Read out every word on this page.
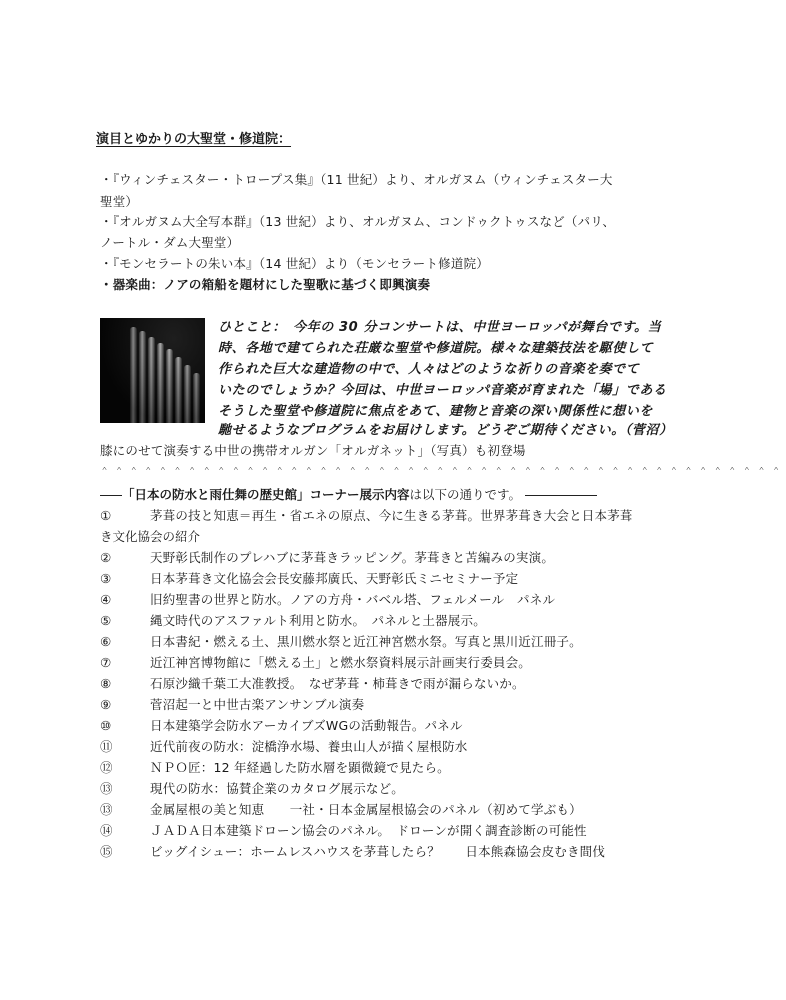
演目とゆかりの大聖堂・修道院：
・『ウィンチェスター・トロープス集』（11 世紀）より、オルガヌム（ウィンチェスター大
聖堂）
・『オルガヌム大全写本群』（13 世紀）より、オルガヌム、コンドゥクトゥスなど（パリ、
ノートル・ダム大聖堂）
・『モンセラートの朱い本』（14 世紀）より（モンセラート修道院）
・器楽曲：ノアの箱船を題材にした聖歌に基づく即興演奏
ひとこと：　今年の 30 分コンサートは、中世ヨーロッパが舞台です。当
時、各地で建てられた荘厳な聖堂や修道院。様々な建築技法を駆使して
作られた巨大な建造物の中で、人々はどのような祈りの音楽を奏でて
いたのでしょうか？今回は、中世ヨーロッパ音楽が育まれた「場」である
そうした聖堂や修道院に焦点をあて、建物と音楽の深い関係性に想いを
馳せるようなプログラムをお届けします。どうぞご期待ください。（菅沼）
膝にのせて演奏する中世の携帯オルガン「オルガネット」（写真）も初登場
＾＾＾＾＾＾＾＾＾＾＾＾＾＾＾＾＾＾＾＾＾＾＾＾＾＾＾＾＾＾＾＾＾＾＾＾＾＾＾＾＾＾＾＾＾＾＾
「日本の防水と雨仕舞の歴史館」コーナー展示内容は以下の通りです。
①	茅葺の技と知恵＝再生・省エネの原点、今に生きる茅葺。世界茅葺き大会と日本茅葺
き文化協会の紹介
②	天野彰氏制作のプレハブに茅葺きラッピング。茅葺きと苫編みの実演。
③	日本茅葺き文化協会会長安藤邦廣氏、天野彰氏ミニセミナー予定
④	旧約聖書の世界と防水。ノアの方舟・バベル塔、フェルメール　パネル
⑤	縄文時代のアスファルト利用と防水。　パネルと土器展示。
⑥	日本書紀・燃える土、黒川燃水祭と近江神宮燃水祭。写真と黒川近江冊子。
⑦	近江神宮博物館に「燃える土」と燃水祭資料展示計画実行委員会。
⑧	石原沙織千葉工大准教授。　なぜ茅葺・柿葺きで雨が漏らないか。
⑨	菅沼起一と中世古楽アンサンブル演奏
⑩	日本建築学会防水アーカイブズWGの活動報告。パネル
⑪	近代前夜の防水：淀橋浄水場、養虫山人が描く屋根防水
⑫	ＮＰＯ匠：12 年経過した防水層を顕微鏡で見たら。
⑬	現代の防水：協賛企業のカタログ展示など。
⑬	金属屋根の美と知恵　　一社・日本金属屋根協会のパネル（初めて学ぶも）
⑭	ＪＡＤＡ日本建築ドローン協会のパネル。　ドローンが開く調査診断の可能性
⑮	ビッグイシュー：ホームレスハウスを茅葺したら？　　日本熊森協会皮むき間伐
